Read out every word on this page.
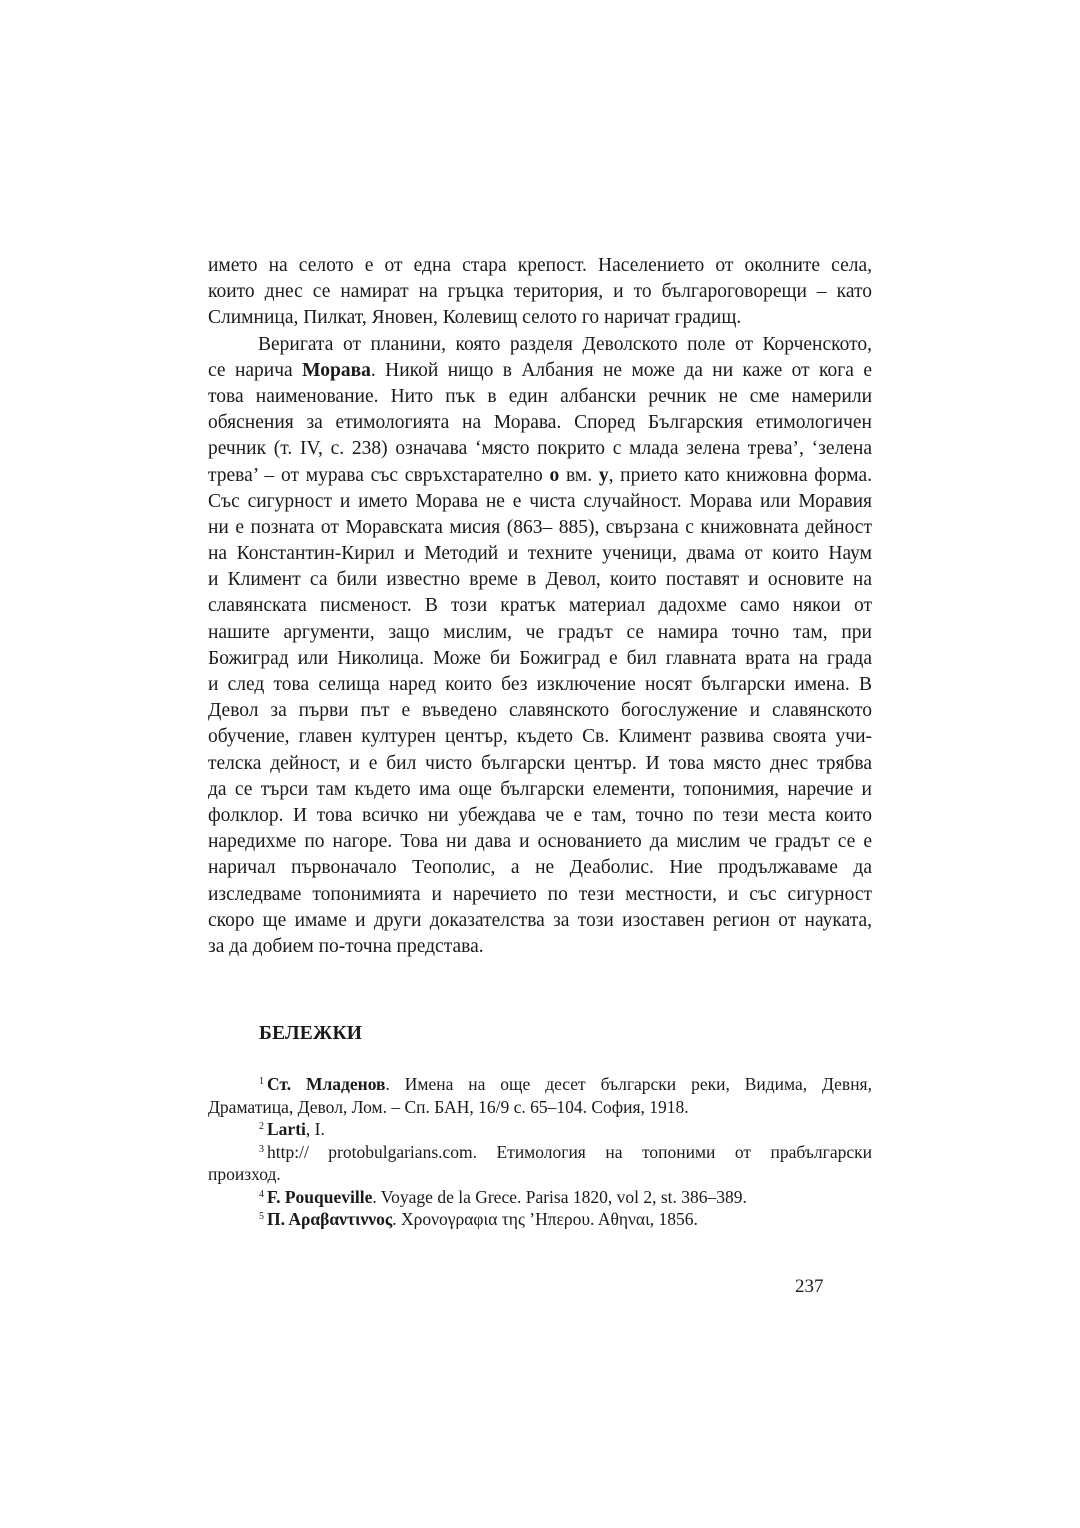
името на селото е от една стара крепост. Населението от околните села,
които днес се намират на гръцка територия, и то българоговорещи – като
Слимница, Пилкат, Яновен, Колевищ селото го наричат градищ.
Веригата от планини, която разделя Деволското поле от Корченското,
се нарича Морава. Никой нищо в Албания не може да ни каже от кога е
това наименование. Нито пък в един албански речник не сме намерили
обяснения за етимологията на Морава. Според Българския етимологичен
речник (т. IV, с. 238) означава ‘място покрито с млада зелена трева’, ‘зелена
трева’ – от мурава със свръхстарателно о вм. у, прието като книжовна форма.
Със сигурност и името Морава не е чиста случайност. Морава или Моравия
ни е позната от Моравската мисия (863– 885), свързана с книжовната дейност
на Константин-Кирил и Методий и техните ученици, двама от които Наум
и Климент са били известно време в Девол, които поставят и основите на
славянската писменост. В този кратък материал дадохме само някои от
нашите аргументи, защо мислим, че градът се намира точно там, при
Божиград или Николица. Може би Божиград е бил главната врата на града
и след това селища наред които без изключение носят български имена. В
Девол за първи път е въведено славянското богослужение и славянското
обучение, главен културен център, където Св. Климент развива своята учи-
телска дейност, и е бил чисто български център. И това място днес трябва
да се търси там където има още български елементи, топонимия, наречие и
фолклор. И това всичко ни убеждава че е там, точно по тези места които
наредихме по нагоре. Това ни дава и основанието да мислим че градът се е
наричал първоначало Теополис, а не Деаболис. Ние продължаваме да
изследваме топонимията и наречието по тези местности, и със сигурност
скоро ще имаме и други доказателства за този изоставен регион от науката,
за да добием по-точна представа.
БЕЛЕЖКИ
$^1$ Ст. Младенов. Имена на още десет български реки, Видима, Девня,
Драматица, Девол, Лом. – Сп. БАН, 16/9 с. 65–104. София, 1918.
$^2$ Larti, I.
$^3$ http:// protobulgarians.com. Етимология на топоними от прабългарски
произход.
$^4$ F. Pouqueville. Voyage de la Grece. Parisa 1820, vol 2, st. 386–389.
$^5$ Π. Αραβαντιννος. Χρονογραφια της ’Ηπερου. Αθηναι, 1856.
237
